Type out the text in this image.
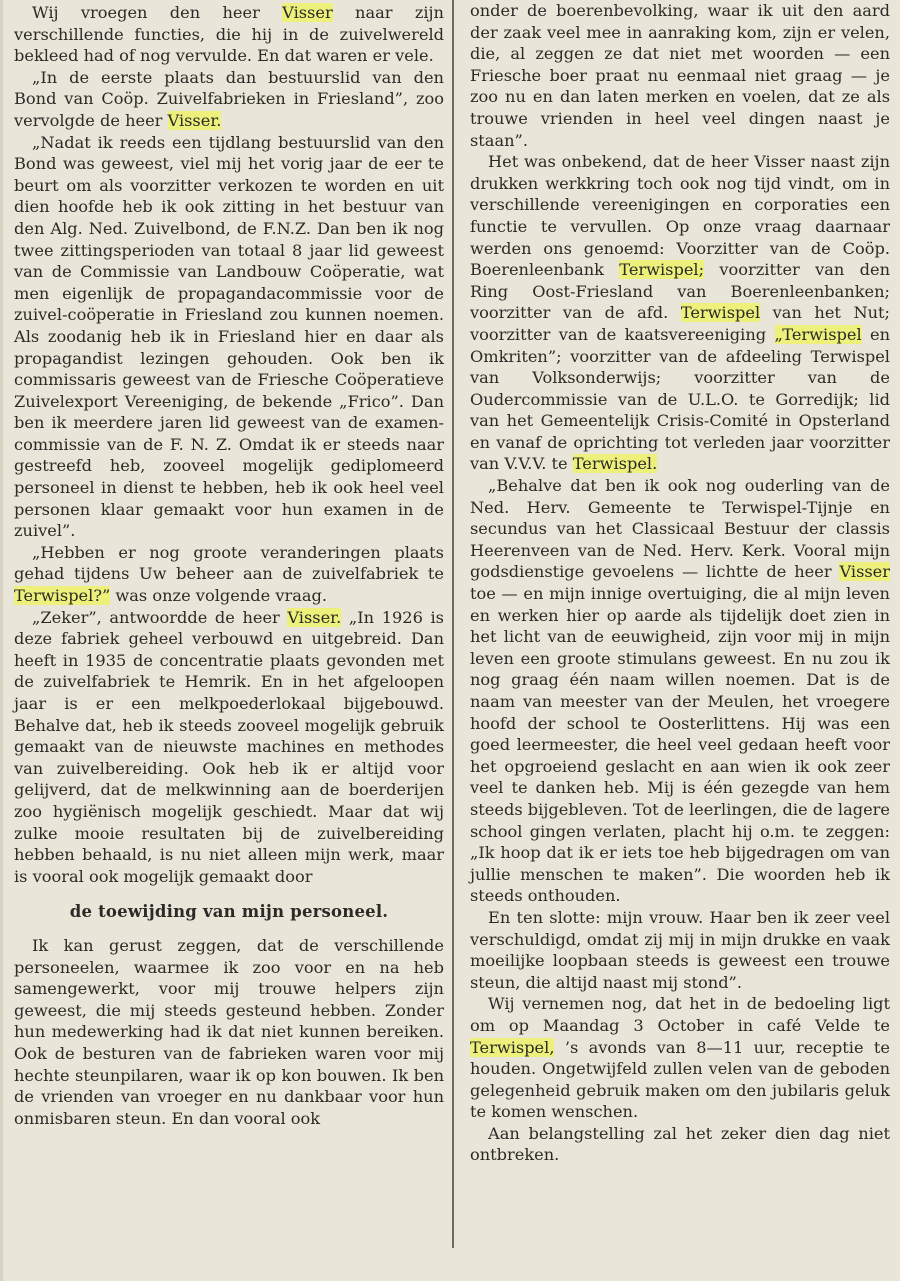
Wij vroegen den heer Visser naar zijn verschillende functies, die hij in de zuivelwereld bekleed had of nog vervulde. En dat waren er vele.

„In de eerste plaats dan bestuurslid van den Bond van Coöp. Zuivelfabrieken in Friesland”, zoo vervolgde de heer Visser.

„Nadat ik reeds een tijdlang bestuurslid van den Bond was geweest, viel mij het vorig jaar de eer te beurt om als voorzitter verkozen te worden en uit dien hoofde heb ik ook zitting in het bestuur van den Alg. Ned. Zuivelbond, de F.N.Z. Dan ben ik nog twee zittingsperioden van totaal 8 jaar lid geweest van de Commissie van Landbouw Coöperatie, wat men eigenlijk de propagandacommissie voor de zuivel-coöperatie in Friesland zou kunnen noemen. Als zoodanig heb ik in Friesland hier en daar als propagandist lezingen gehouden. Ook ben ik commissaris geweest van de Friesche Coöperatieve Zuivelexport Vereeniging, de bekende „Frico”. Dan ben ik meerdere jaren lid geweest van de examen-commissie van de F. N. Z. Omdat ik er steeds naar gestreefd heb, zooveel mogelijk gediplomeerd personeel in dienst te hebben, heb ik ook heel veel personen klaar gemaakt voor hun examen in de zuivel”.

„Hebben er nog groote veranderingen plaats gehad tijdens Uw beheer aan de zuivelfabriek te Terwispel?” was onze volgende vraag.

„Zeker”, antwoordde de heer Visser. „In 1926 is deze fabriek geheel verbouwd en uitgebreid. Dan heeft in 1935 de concentratie plaats gevonden met de zuivelfabriek te Hemrik. En in het afgeloopen jaar is er een melkpoederlokaal bijgebouwd. Behalve dat, heb ik steeds zooveel mogelijk gebruik gemaakt van de nieuwste machines en methodes van zuivelbereiding. Ook heb ik er altijd voor gelijverd, dat de melkwinning aan de boerderijen zoo hygiënisch mogelijk geschiedt. Maar dat wij zulke mooie resultaten bij de zuivelbereiding hebben behaald, is nu niet alleen mijn werk, maar is vooral ook mogelijk gemaakt door

de toewijding van mijn personeel.

Ik kan gerust zeggen, dat de verschillende personeelen, waarmee ik zoo voor en na heb samengewerkt, voor mij trouwe helpers zijn geweest, die mij steeds gesteund hebben. Zonder hun medewerking had ik dat niet kunnen bereiken. Ook de besturen van de fabrieken waren voor mij hechte steunpilaren, waar ik op kon bouwen. Ik ben de vrienden van vroeger en nu dankbaar voor hun onmisbaren steun. En dan vooral ook

onder de boerenbevolking, waar ik uit den aard der zaak veel mee in aanraking kom, zijn er velen, die, al zeggen ze dat niet met woorden — een Friesche boer praat nu eenmaal niet graag — je zoo nu en dan laten merken en voelen, dat ze als trouwe vrienden in heel veel dingen naast je staan”.

Het was onbekend, dat de heer Visser naast zijn drukken werkkring toch ook nog tijd vindt, om in verschillende vereenigingen en corporaties een functie te vervullen. Op onze vraag daarnaar werden ons genoemd: Voorzitter van de Coöp. Boerenleenbank Terwispel; voorzitter van den Ring Oost-Friesland van Boerenleenbanken; voorzitter van de afd. Terwispel van het Nut; voorzitter van de kaatsvereeniging „Terwispel en Omkriten”; voorzitter van de afdeeling Terwispel van Volksonderwijs; voorzitter van de Oudercommissie van de U.L.O. te Gorredijk; lid van het Gemeentelijk Crisis-Comité in Opsterland en vanaf de oprichting tot verleden jaar voorzitter van V.V.V. te Terwispel.

„Behalve dat ben ik ook nog ouderling van de Ned. Herv. Gemeente te Terwispel-Tijnje en secundus van het Classicaal Bestuur der classis Heerenveen van de Ned. Herv. Kerk. Vooral mijn godsdienstige gevoelens — lichtte de heer Visser toe — en mijn innige overtuiging, die al mijn leven en werken hier op aarde als tijdelijk doet zien in het licht van de eeuwigheid, zijn voor mij in mijn leven een groote stimulans geweest. En nu zou ik nog graag één naam willen noemen. Dat is de naam van meester van der Meulen, het vroegere hoofd der school te Oosterlittens. Hij was een goed leermeester, die heel veel gedaan heeft voor het opgroeiend geslacht en aan wien ik ook zeer veel te danken heb. Mij is één gezegde van hem steeds bijgebleven. Tot de leerlingen, die de lagere school gingen verlaten, placht hij o.m. te zeggen: „Ik hoop dat ik er iets toe heb bijgedragen om van jullie menschen te maken”. Die woorden heb ik steeds onthouden.

En ten slotte: mijn vrouw. Haar ben ik zeer veel verschuldigd, omdat zij mij in mijn drukke en vaak moeilijke loopbaan steeds is geweest een trouwe steun, die altijd naast mij stond”.

Wij vernemen nog, dat het in de bedoeling ligt om op Maandag 3 October in café Velde te Terwispel, ’s avonds van 8—11 uur, receptie te houden. Ongetwijfeld zullen velen van de geboden gelegenheid gebruik maken om den jubilaris geluk te komen wenschen.

Aan belangstelling zal het zeker dien dag niet ontbreken.
